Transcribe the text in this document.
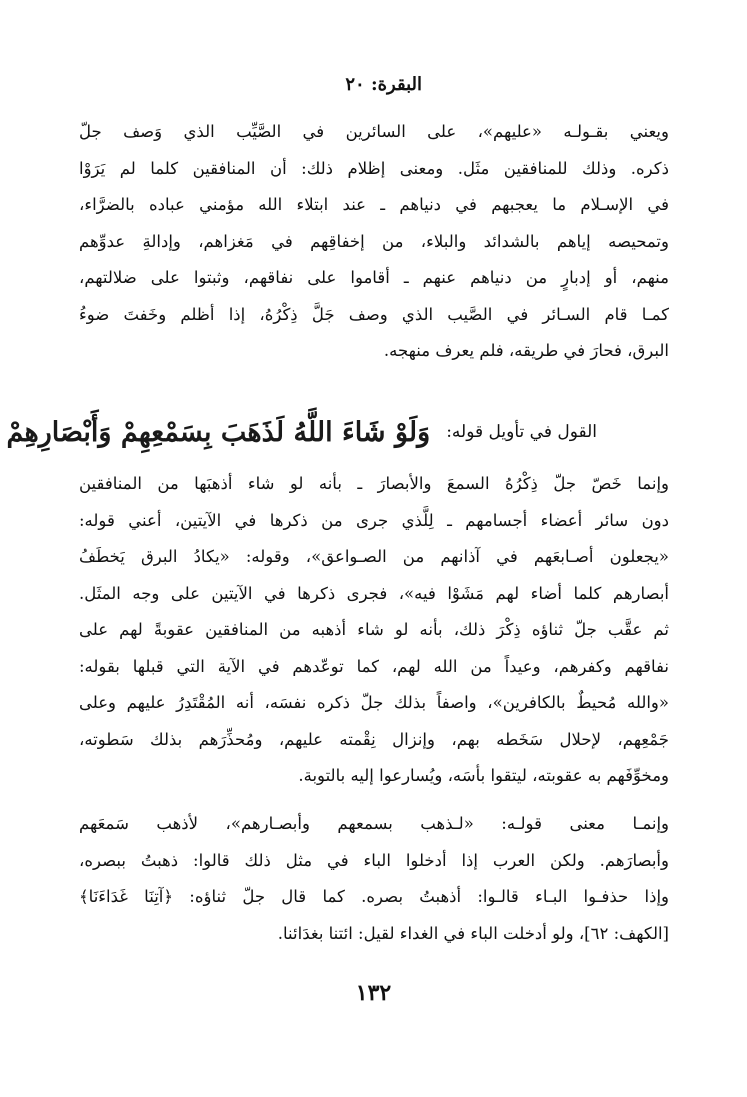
البقرة: ٢٠
ويعني بقـولـه «عليهم»، على السائرين في الصَّيِّب الذي وَصف جلّ
ذكره. وذلك للمنافقين مثَل. ومعنى إظلام ذلك: أن المنافقين كلما لم يَرَوْا
في الإسـلام ما يعجبهم في دنياهم ـ عند ابتلاء الله مؤمني عباده بالضرَّاء،
وتمحيصه إياهم بالشدائد والبلاء، من إخفاقِهم في مَغزاهم، وإدالةِ عدوِّهم
منهم، أو إدبارٍ من دنياهم عنهم ـ أقاموا على نفاقهم، وثبتوا على ضلالتهم،
كمـا قام السـائر في الصَّيب الذي وصف جَلَّ ذِكْرُهُ، إذا أظلم وخَفتَ ضوءُ
البرق، فحارَ في طريقه، فلم يعرف منهجه.
القول في تأويل قوله:
وَلَوْ شَاءَ اللَّهُ لَذَهَبَ بِسَمْعِهِمْ وَأَبْصَارِهِمْ
وإنما خَصّ جلّ ذِكْرُهُ السمعَ والأبصارَ ـ بأنه لو شاء أذهبَها من المنافقين
دون سائر أعضاء أجسامهم ـ لِلَّذي جرى من ذكرها في الآيتين، أعني قوله:
«يجعلون أصـابعَهم في آذانهم من الصـواعق»، وقوله: «يكادُ البرق يَخطَفُ
أبصارهم كلما أضاء لهم مَشَوْا فيه»، فجرى ذكرها في الآيتين على وجه المثَل.
ثم عقَّب جلّ ثناؤه ذِكْرَ ذلك، بأنه لو شاء أذهبه من المنافقين عقوبةً لهم على
نفاقهم وكفرهم، وعيداً من الله لهم، كما توعّدهم في الآية التي قبلها بقوله:
«والله مُحيطٌ بالكافرين»، واصفاً بذلك جلّ ذكره نفسَه، أنه المُقْتَدِرُ عليهم وعلى
جَمْعِهم، لإحلال سَخَطه بهم، وإنزال نِقْمته عليهم، ومُحذِّرَهم بذلك سَطوته،
ومخوِّفَهم به عقوبته، ليتقوا بأسَه، ويُسارعوا إليه بالتوبة.
وإنمـا معنى قولـه: «لـذهب بسمعهم وأبصـارهم»، لأذهب سَمعَهم
وأبصارَهم. ولكن العرب إذا أدخلوا الباء في مثل ذلك قالوا: ذهبتُ ببصره،
وإذا حذفـوا البـاء قالـوا: أذهبتُ بصره. كما قال جلّ ثناؤه: ﴿آتِنَا غَدَاءَنَا﴾
[الكهف: ٦٢]، ولو أدخلت الباء في الغداء لقيل: ائتنا بغدَائنا.
١٣٢
